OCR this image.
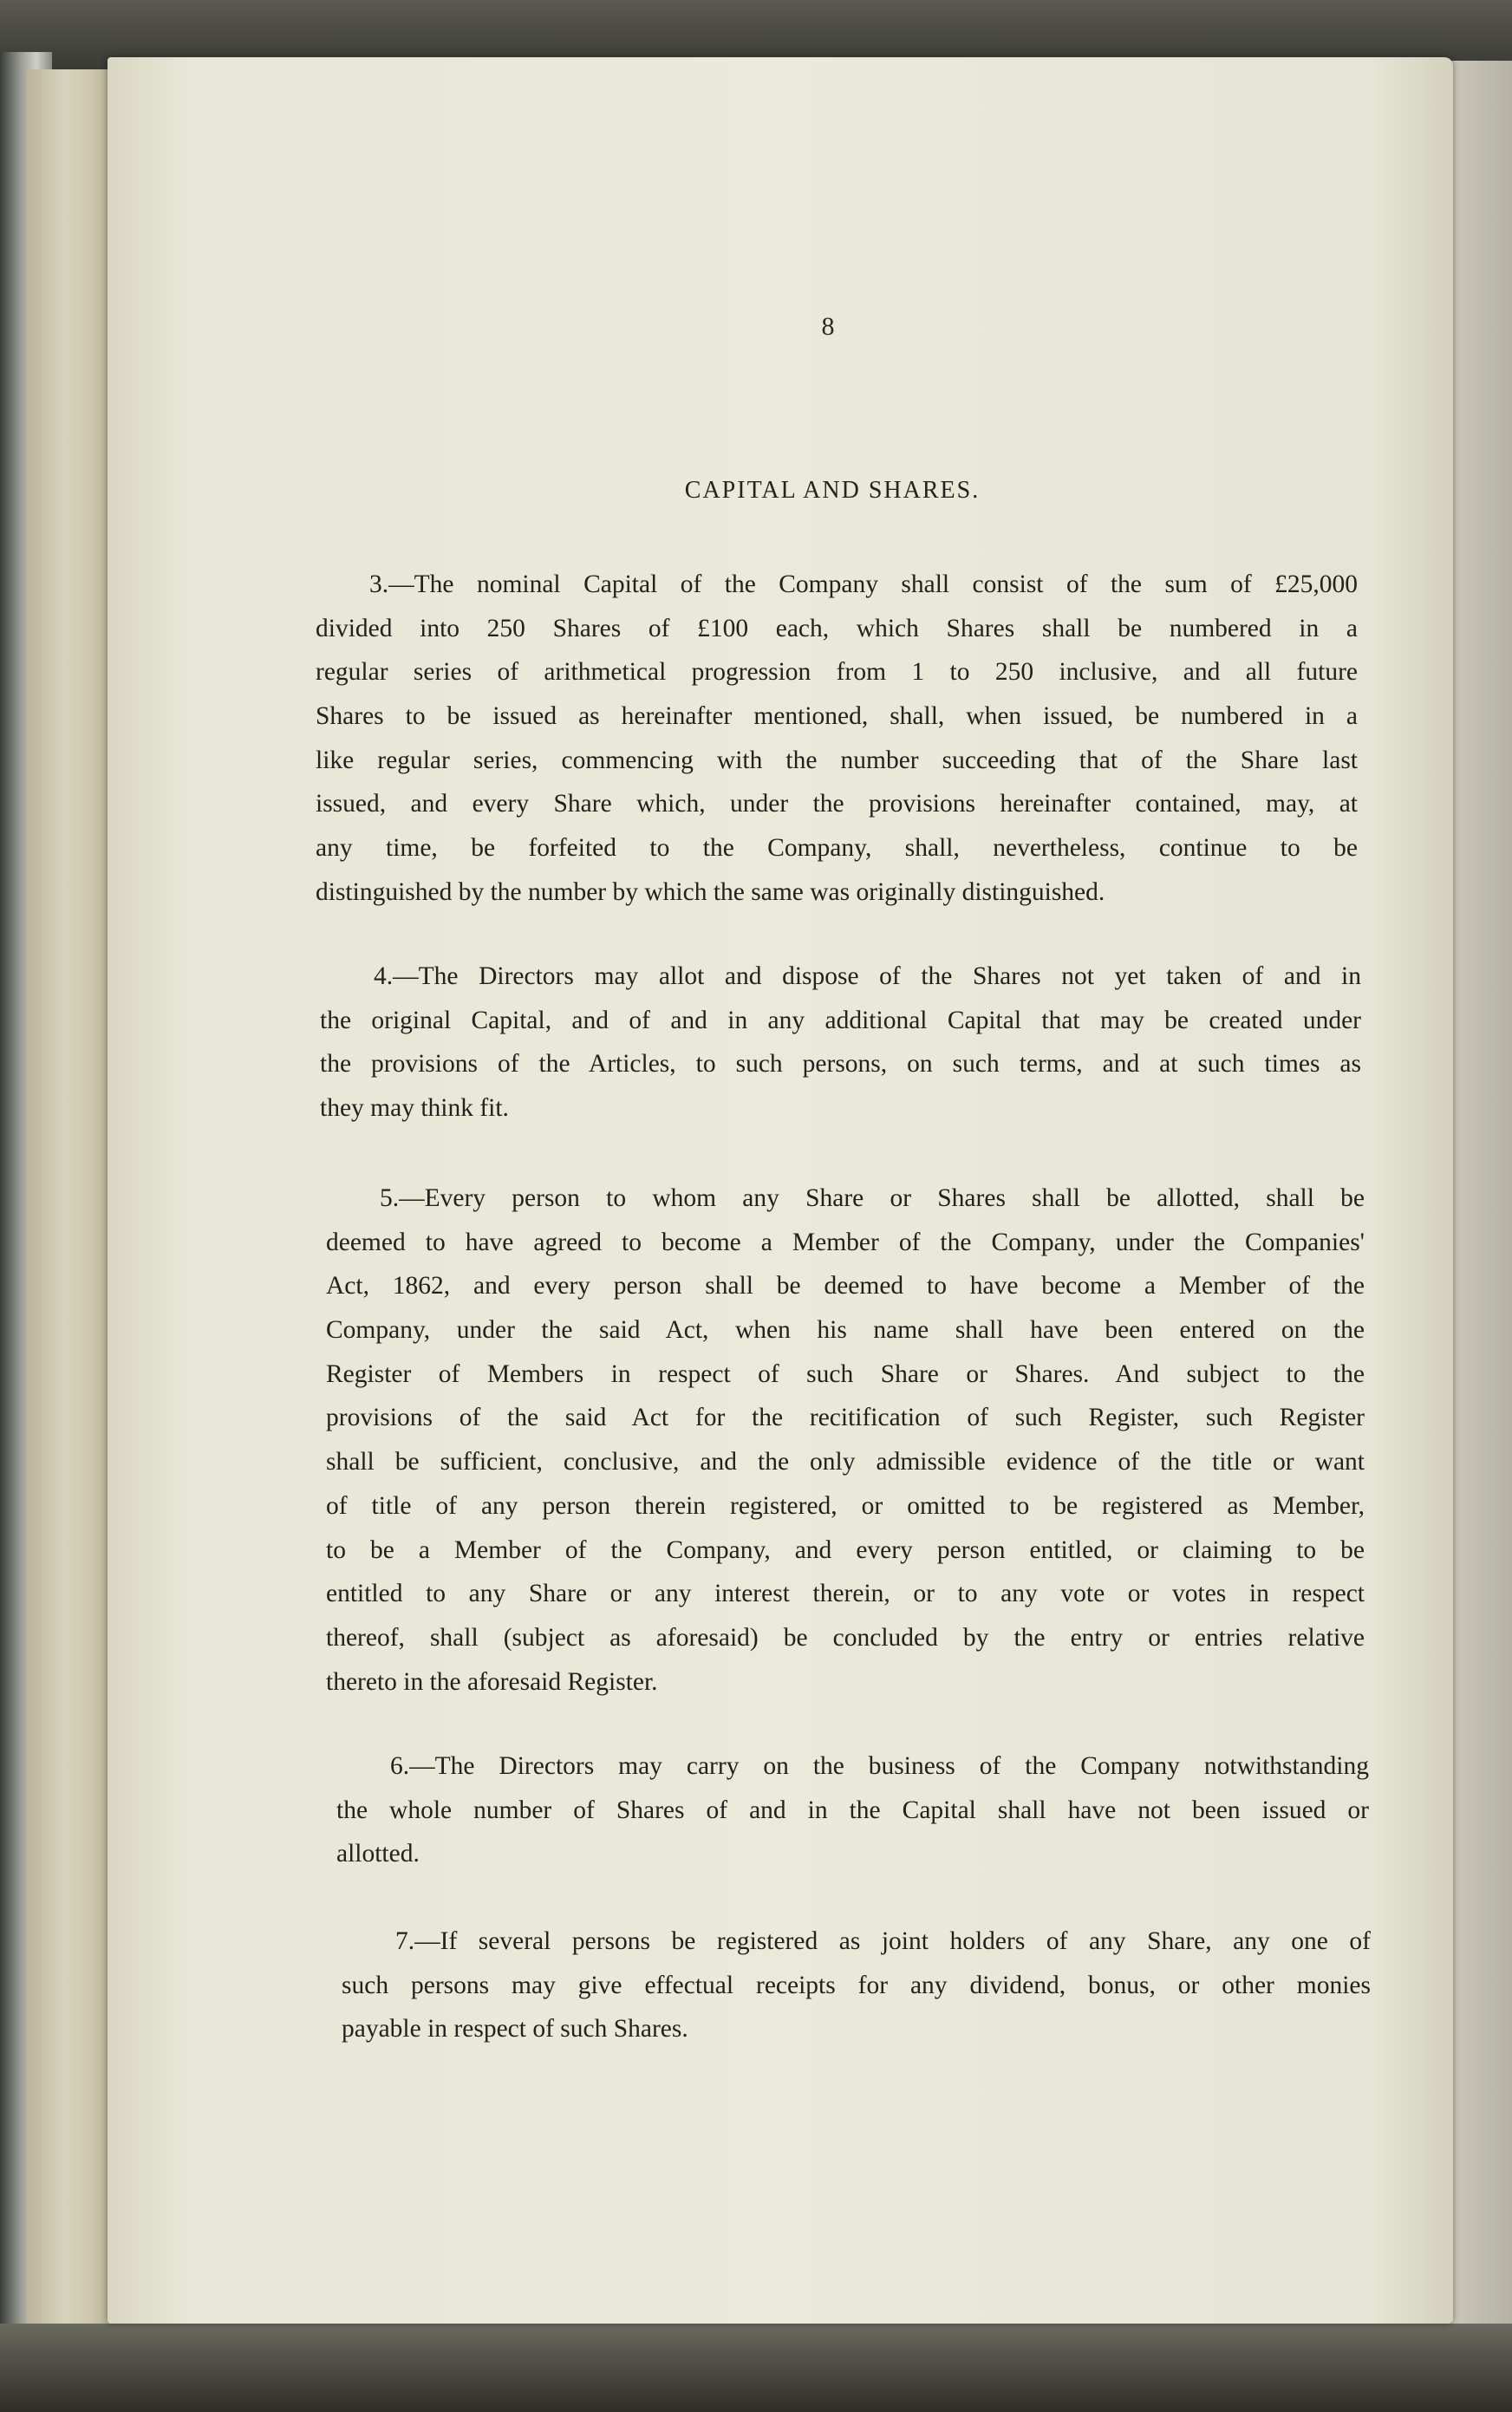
8
CAPITAL AND SHARES.
3.—The nominal Capital of the Company shall consist of the sum of £25,000
divided into 250 Shares of £100 each, which Shares shall be numbered in a
regular series of arithmetical progression from 1 to 250 inclusive, and all future
Shares to be issued as hereinafter mentioned, shall, when issued, be numbered in a
like regular series, commencing with the number succeeding that of the Share last
issued, and every Share which, under the provisions hereinafter contained, may, at
any time, be forfeited to the Company, shall, nevertheless, continue to be
distinguished by the number by which the same was originally distinguished.
4.—The Directors may allot and dispose of the Shares not yet taken of and in
the original Capital, and of and in any additional Capital that may be created under
the provisions of the Articles, to such persons, on such terms, and at such times as
they may think fit.
5.—Every person to whom any Share or Shares shall be allotted, shall be
deemed to have agreed to become a Member of the Company, under the Companies'
Act, 1862, and every person shall be deemed to have become a Member of the
Company, under the said Act, when his name shall have been entered on the
Register of Members in respect of such Share or Shares. And subject to the
provisions of the said Act for the recitification of such Register, such Register
shall be sufficient, conclusive, and the only admissible evidence of the title or want
of title of any person therein registered, or omitted to be registered as Member,
to be a Member of the Company, and every person entitled, or claiming to be
entitled to any Share or any interest therein, or to any vote or votes in respect
thereof, shall (subject as aforesaid) be concluded by the entry or entries relative
thereto in the aforesaid Register.
6.—The Directors may carry on the business of the Company notwithstanding
the whole number of Shares of and in the Capital shall have not been issued or
allotted.
7.—If several persons be registered as joint holders of any Share, any one of
such persons may give effectual receipts for any dividend, bonus, or other monies
payable in respect of such Shares.
